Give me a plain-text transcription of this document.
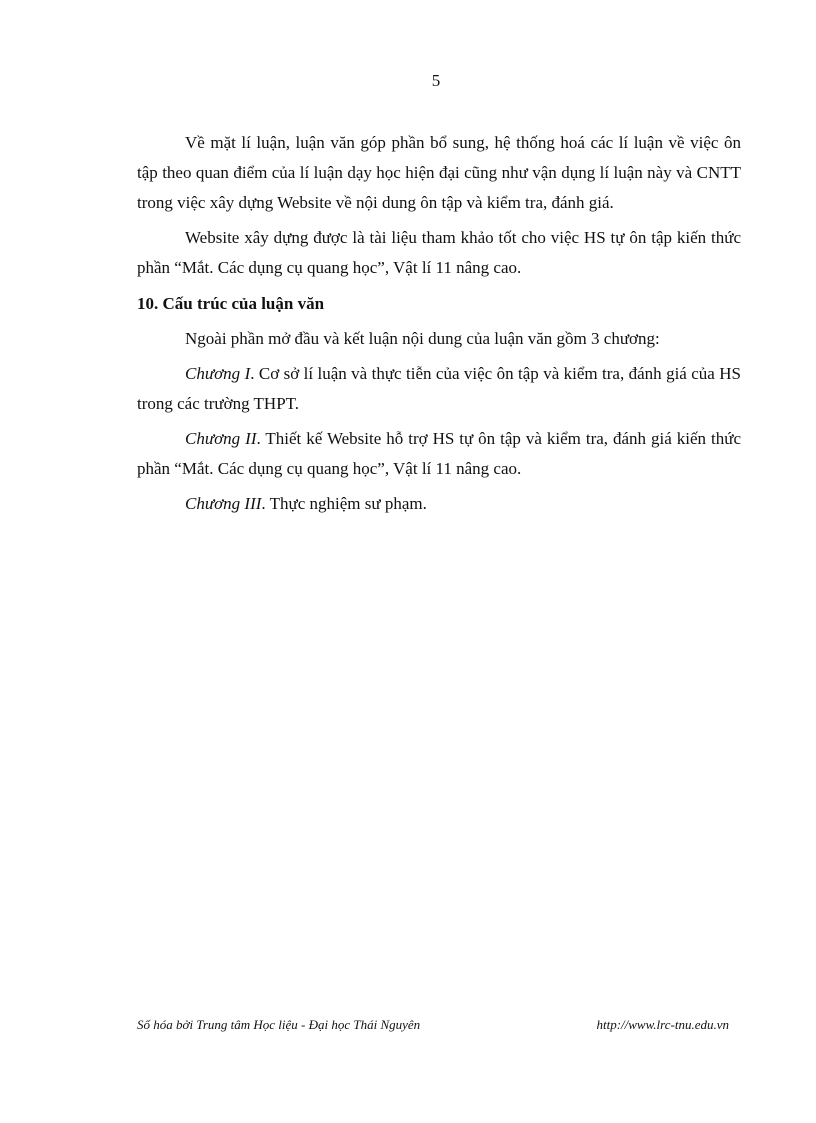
5

Về mặt lí luận, luận văn góp phần bổ sung, hệ thống hoá các lí luận về việc ôn tập theo quan điểm của lí luận dạy học hiện đại cũng như vận dụng lí luận này và CNTT trong việc xây dựng Website về nội dung ôn tập và kiểm tra, đánh giá.

Website xây dựng được là tài liệu tham khảo tốt cho việc HS tự ôn tập kiến thức phần “Mắt. Các dụng cụ quang học”, Vật lí 11 nâng cao.

10. Cấu trúc của luận văn

Ngoài phần mở đầu và kết luận nội dung của luận văn gồm 3 chương:

Chương I. Cơ sở lí luận và thực tiễn của việc ôn tập và kiểm tra, đánh giá của HS trong các trường THPT.

Chương II. Thiết kế Website hỗ trợ HS tự ôn tập và kiểm tra, đánh giá kiến thức phần “Mắt. Các dụng cụ quang học”, Vật lí 11 nâng cao.

Chương III. Thực nghiệm sư phạm.

Số hóa bởi Trung tâm Học liệu - Đại học Thái Nguyên	http://www.lrc-tnu.edu.vn
